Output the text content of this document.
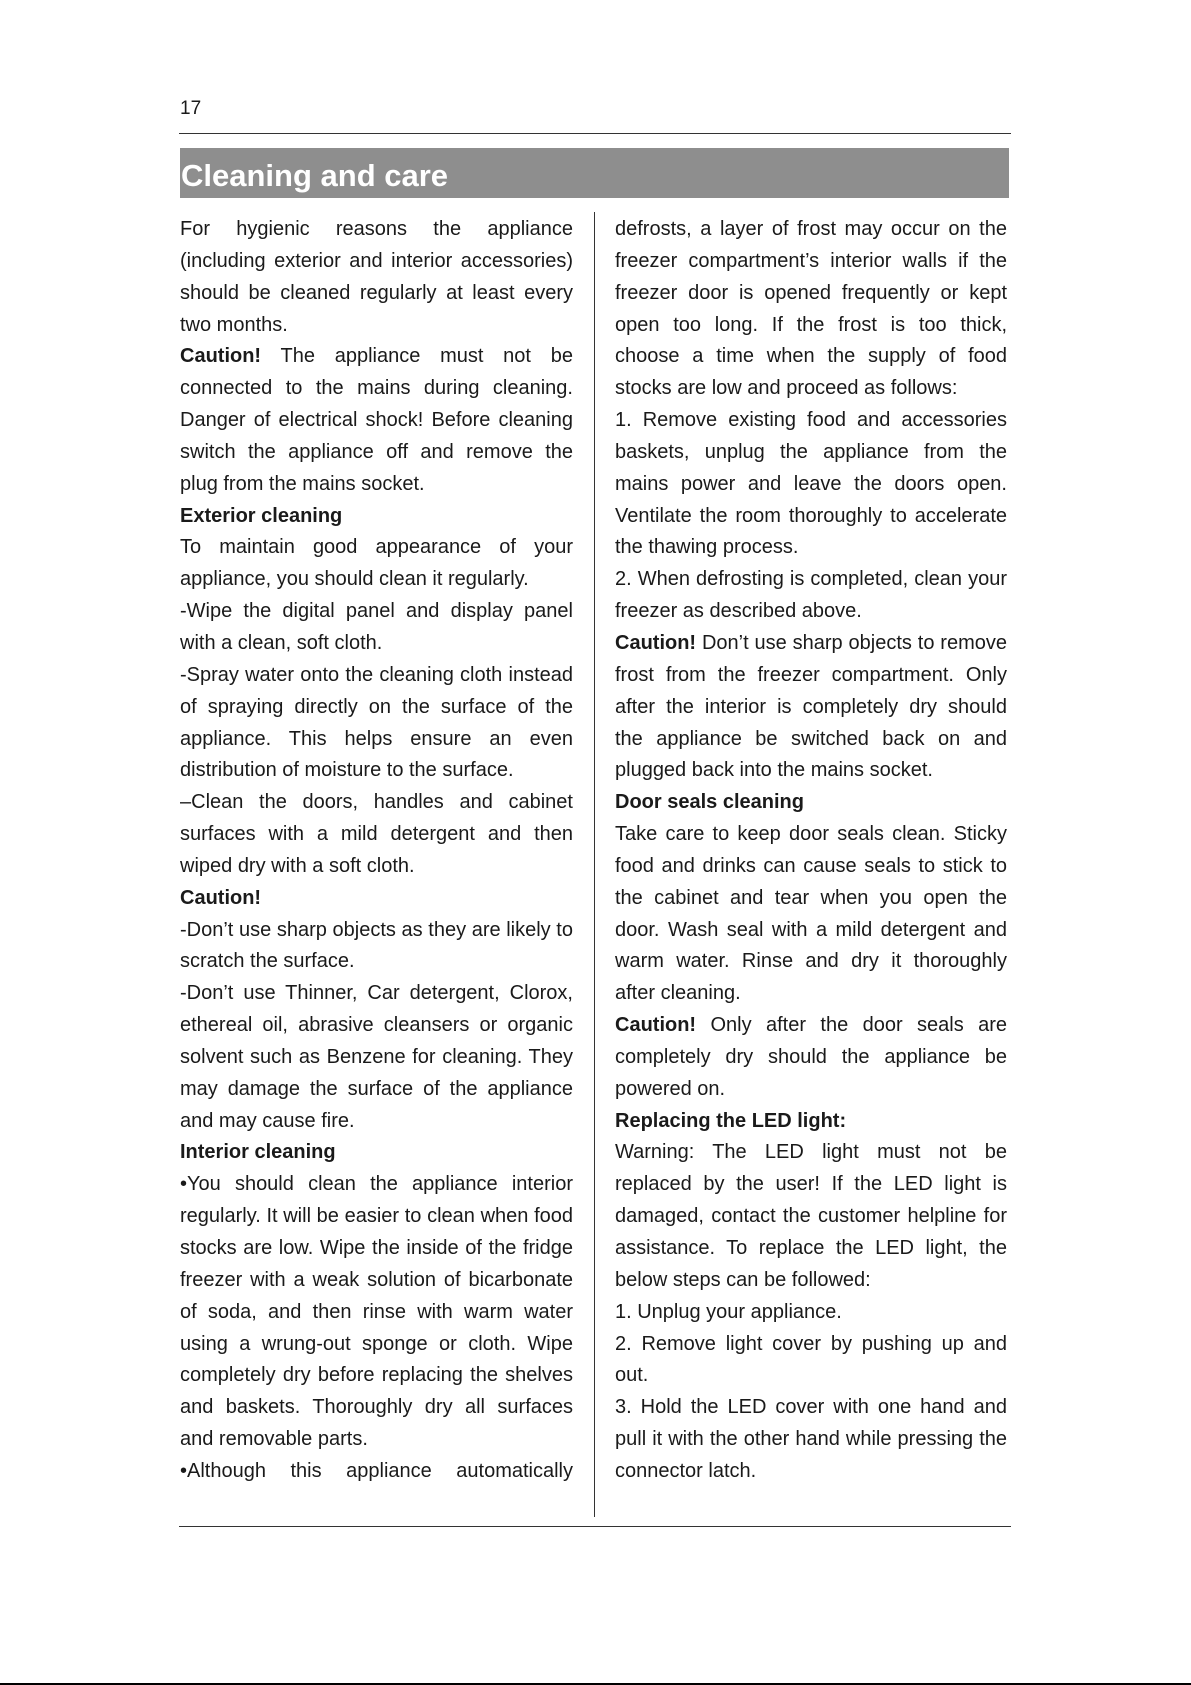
17
Cleaning and care

For hygienic reasons the appliance (including exterior and interior accessories) should be cleaned regularly at least every two months.

Caution! The appliance must not be connected to the mains during cleaning. Danger of electrical shock! Before cleaning switch the appliance off and remove the plug from the mains socket.

Exterior cleaning

To maintain good appearance of your appliance, you should clean it regularly.

-Wipe the digital panel and display panel with a clean, soft cloth.

-Spray water onto the cleaning cloth instead of spraying directly on the surface of the appliance. This helps ensure an even distribution of moisture to the surface.

–Clean the doors, handles and cabinet surfaces with a mild detergent and then wiped dry with a soft cloth.

Caution!

-Don’t use sharp objects as they are likely to scratch the surface.

-Don’t use Thinner, Car detergent, Clorox, ethereal oil, abrasive cleansers or organic solvent such as Benzene for cleaning. They may damage the surface of the appliance and may cause fire.

Interior cleaning

•You should clean the appliance interior regularly. It will be easier to clean when food stocks are low. Wipe the inside of the fridge freezer with a weak solution of bicarbonate of soda, and then rinse with warm water using a wrung-out sponge or cloth. Wipe completely dry before replacing the shelves and baskets. Thoroughly dry all surfaces and removable parts.

•Although this appliance automatically

defrosts, a layer of frost may occur on the freezer compartment’s interior walls if the freezer door is opened frequently or kept open too long. If the frost is too thick, choose a time when the supply of food stocks are low and proceed as follows:

1. Remove existing food and accessories baskets, unplug the appliance from the mains power and leave the doors open. Ventilate the room thoroughly to accelerate the thawing process.

2. When defrosting is completed, clean your freezer as described above.

Caution! Don’t use sharp objects to remove frost from the freezer compartment. Only after the interior is completely dry should the appliance be switched back on and plugged back into the mains socket.

Door seals cleaning

Take care to keep door seals clean. Sticky food and drinks can cause seals to stick to the cabinet and tear when you open the door. Wash seal with a mild detergent and warm water. Rinse and dry it thoroughly after cleaning.

Caution! Only after the door seals are completely dry should the appliance be powered on.

Replacing the LED light:

Warning: The LED light must not be replaced by the user! If the LED light is damaged, contact the customer helpline for assistance. To replace the LED light, the below steps can be followed:

1. Unplug your appliance.

2. Remove light cover by pushing up and out.

3. Hold the LED cover with one hand and pull it with the other hand while pressing the connector latch.
